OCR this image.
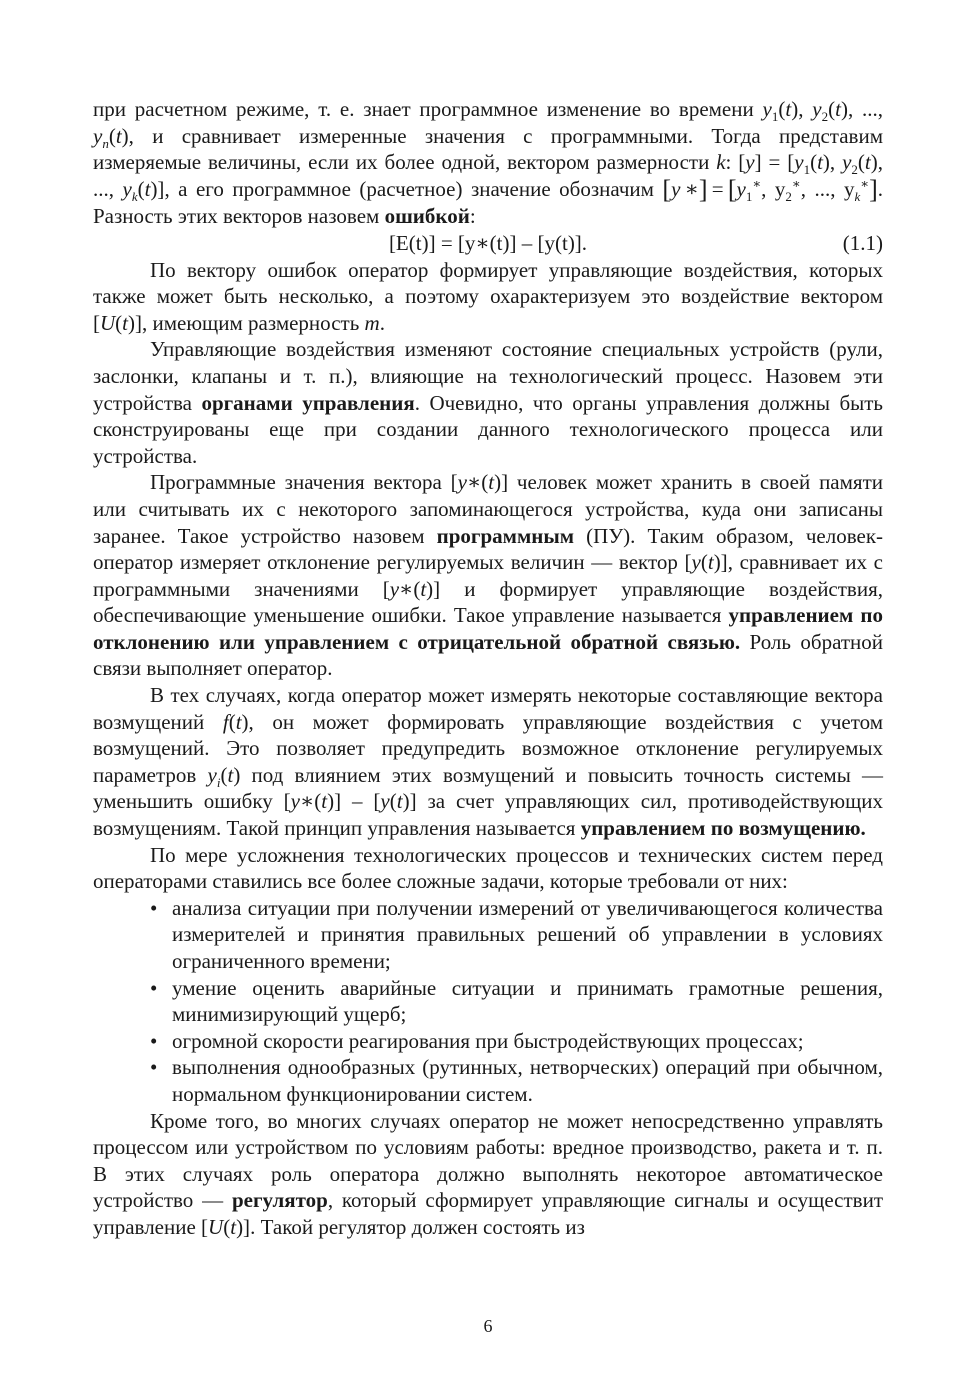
при расчетном режиме, т. е. знает программное изменение во времени $y_1(t)$, $y_2(t)$, ..., $y_n(t)$, и сравнивает измеренные значения с программными. Тогда представим измеряемые величины, если их более одной, вектором размерности k: $[y] = [y_1(t)$, $y_2(t)$, ..., $y_k(t)$], а его программное (расчетное) значение обозначим [y ∗] = [$y_1^∗$, $y_2^∗$, ..., $y_k^∗$]. Разность этих векторов назовем ошибкой:

[E(t)] = [y∗(t)] – [y(t)].	(1.1)

По вектору ошибок оператор формирует управляющие воздействия, которых также может быть несколько, а поэтому охарактеризуем это воздействие вектором [U(t)], имеющим размерность m.

Управляющие воздействия изменяют состояние специальных устройств (рули, заслонки, клапаны и т. п.), влияющие на технологический процесс. Назовем эти устройства органами управления. Очевидно, что органы управления должны быть сконструированы еще при создании данного технологического процесса или устройства.

Программные значения вектора [y∗(t)] человек может хранить в своей памяти или считывать их с некоторого запоминающегося устройства, куда они записаны заранее. Такое устройство назовем программным (ПУ). Таким образом, человек-оператор измеряет отклонение регулируемых величин — вектор [y(t)], сравнивает их с программными значениями [y∗(t)] и формирует управляющие воздействия, обеспечивающие уменьшение ошибки. Такое управление называется управлением по отклонению или управлением с отрицательной обратной связью. Роль обратной связи выполняет оператор.

В тех случаях, когда оператор может измерять некоторые составляющие вектора возмущений f(t), он может формировать управляющие воздействия с учетом возмущений. Это позволяет предупредить возможное отклонение регулируемых параметров $y_i(t)$ под влиянием этих возмущений и повысить точность системы — уменьшить ошибку [y∗(t)] – [y(t)] за счет управляющих сил, противодействующих возмущениям. Такой принцип управления называется управлением по возмущению.

По мере усложнения технологических процессов и технических систем перед операторами ставились все более сложные задачи, которые требовали от них:

• анализа ситуации при получении измерений от увеличивающегося количества измерителей и принятия правильных решений об управлении в условиях ограниченного времени;
• умение оценить аварийные ситуации и принимать грамотные решения, минимизирующий ущерб;
• огромной скорости реагирования при быстродействующих процессах;
• выполнения однообразных (рутинных, нетворческих) операций при обычном, нормальном функционировании систем.

Кроме того, во многих случаях оператор не может непосредственно управлять процессом или устройством по условиям работы: вредное производство, ракета и т. п. В этих случаях роль оператора должно выполнять некоторое автоматическое устройство — регулятор, который сформирует управляющие сигналы и осуществит управление [U(t)]. Такой регулятор должен состоять из

6
